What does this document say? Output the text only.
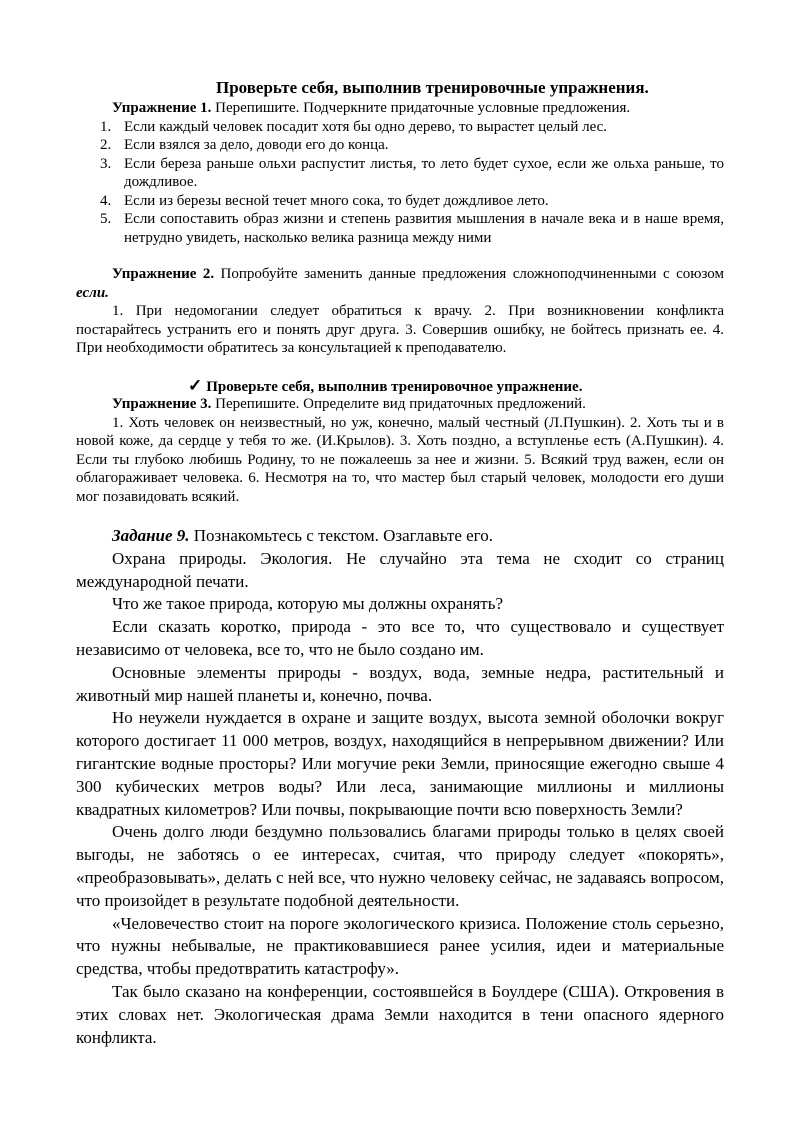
Проверьте себя, выполнив тренировочные упражнения.

Упражнение 1. Перепишите. Подчеркните придаточные условные предложения.

1. Если каждый человек посадит хотя бы одно дерево, то вырастет целый лес.
2. Если взялся за дело, доводи его до конца.
3. Если береза раньше ольхи распустит листья, то лето будет сухое, если же ольха раньше, то дождливое.
4. Если из березы весной течет много сока, то будет дождливое лето.
5. Если сопоставить образ жизни и степень развития мышления в начале века и в наше время, нетрудно увидеть, насколько велика разница между ними

Упражнение 2. Попробуйте заменить данные предложения сложноподчиненными с союзом если.

1. При недомогании следует обратиться к врачу. 2. При возникновении конфликта постарайтесь устранить его и понять друг друга. 3. Совершив ошибку, не бойтесь признать ее. 4. При необходимости обратитесь за консультацией к преподавателю.

✓ Проверьте себя, выполнив тренировочное упражнение.

Упражнение 3. Перепишите. Определите вид придаточных предложений.

1. Хоть человек он неизвестный, но уж, конечно, малый честный (Л.Пушкин). 2. Хоть ты и в новой коже, да сердце у тебя то же. (И.Крылов). 3. Хоть поздно, а вступленье есть (А.Пушкин). 4. Если ты глубоко любишь Родину, то не пожалеешь за нее и жизни. 5. Всякий труд важен, если он облагораживает человека. 6. Несмотря на то, что мастер был старый человек, молодости его души мог позавидовать всякий.

Задание 9. Познакомьтесь с текстом. Озаглавьте его.

Охрана природы. Экология. Не случайно эта тема не сходит со страниц международной печати.

Что же такое природа, которую мы должны охранять?

Если сказать коротко, природа - это все то, что существовало и существует независимо от человека, все то, что не было создано им.

Основные элементы природы - воздух, вода, земные недра, растительный и животный мир нашей планеты и, конечно, почва.

Но неужели нуждается в охране и защите воздух, высота земной оболочки вокруг которого достигает 11 000 метров, воздух, находящийся в непрерывном движении? Или гигантские водные просторы? Или могучие реки Земли, приносящие ежегодно свыше 4 300 кубических метров воды? Или леса, занимающие миллионы и миллионы квадратных километров? Или почвы, покрывающие почти всю поверхность Земли?

Очень долго люди бездумно пользовались благами природы только в целях своей выгоды, не заботясь о ее интересах, считая, что природу следует «покорять», «преобразовывать», делать с ней все, что нужно человеку сейчас, не задаваясь вопросом, что произойдет в результате подобной деятельности.

«Человечество стоит на пороге экологического кризиса. Положение столь серьезно, что нужны небывалые, не практиковавшиеся ранее усилия, идеи и материальные средства, чтобы предотвратить катастрофу».

Так было сказано на конференции, состоявшейся в Боулдере (США). Откровения в этих словах нет. Экологическая драма Земли находится в тени опасного ядерного конфликта.
